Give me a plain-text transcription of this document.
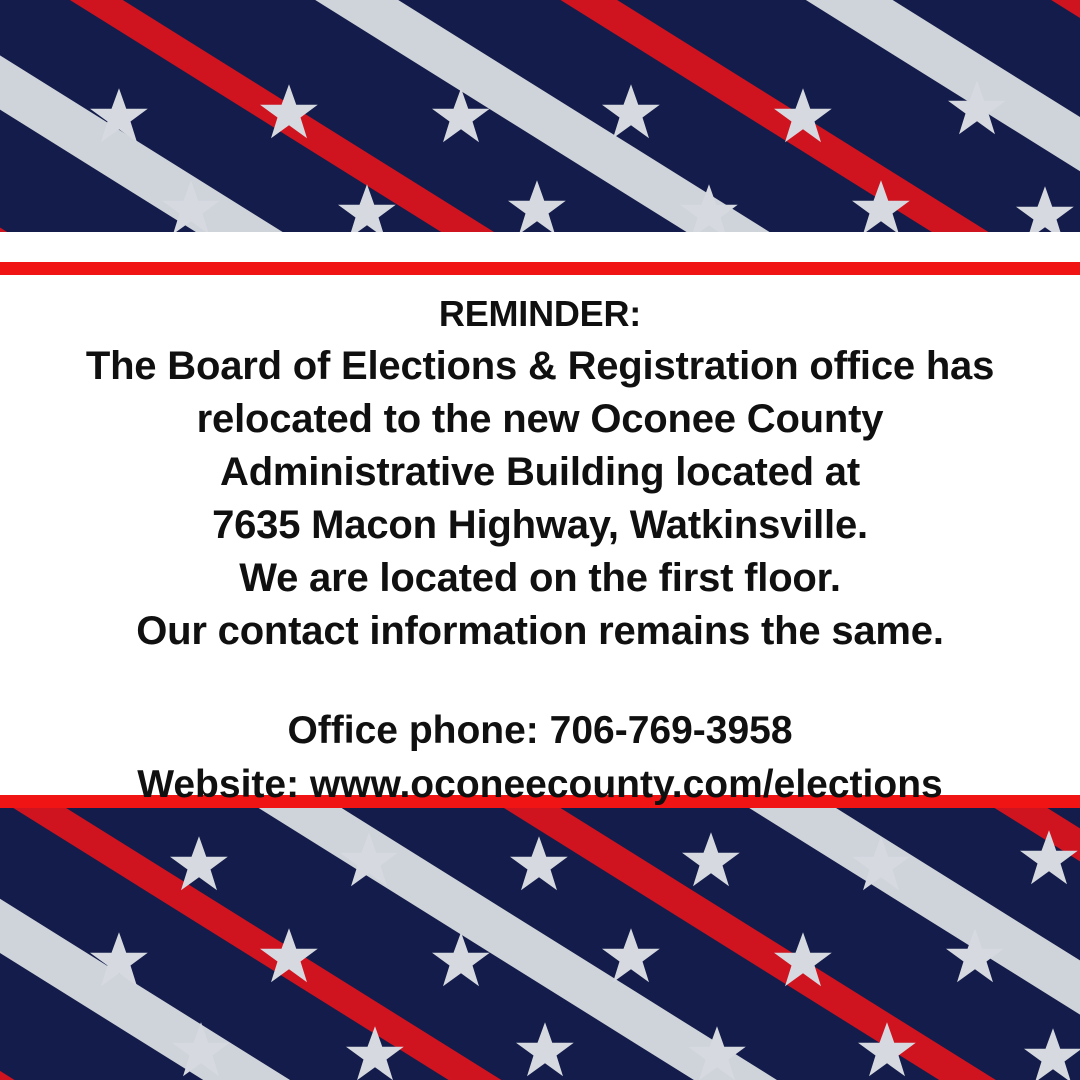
REMINDER:
The Board of Elections & Registration office has
relocated to the new Oconee County
Administrative Building located at
7635 Macon Highway, Watkinsville.
We are located on the first floor.
Our contact information remains the same.
Office phone: 706-769-3958
Website: www.oconeecounty.com/elections
